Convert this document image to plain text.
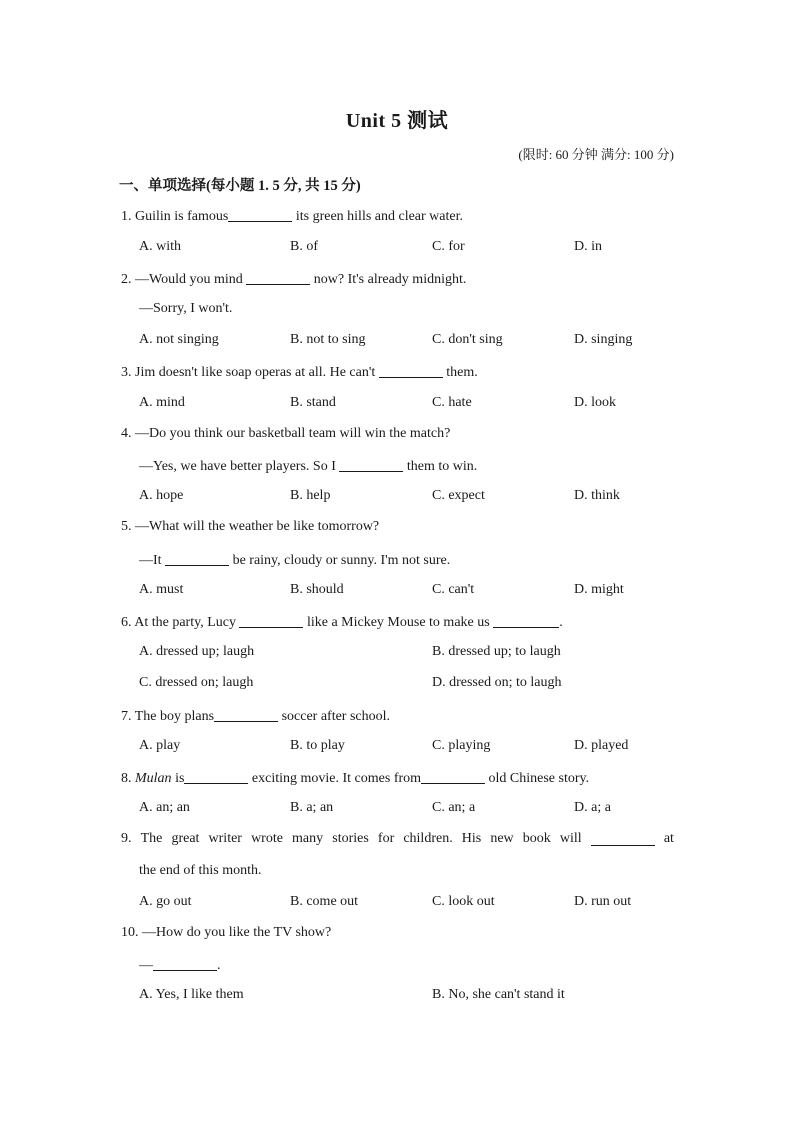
Unit 5 测试
(限时: 60 分钟 满分: 100 分)
一、单项选择(每小题 1. 5 分, 共 15 分)
1. Guilin is famous	its green hills and clear water.
A. with	B. of	C. for	D. in
2. —Would you mind	now? It's already midnight.
—Sorry, I won't.
A. not singing	B. not to sing	C. don't sing	D. singing
3. Jim doesn't like soap operas at all. He can't	them.
A. mind	B. stand	C. hate	D. look
4. —Do you think our basketball team will win the match?
—Yes, we have better players. So I	them to win.
A. hope	B. help	C. expect	D. think
5. —What will the weather be like tomorrow?
—It	be rainy, cloudy or sunny. I'm not sure.
A. must	B. should	C. can't	D. might
6. At the party, Lucy	like a Mickey Mouse to make us	.
A. dressed up; laugh	B. dressed up; to laugh
C. dressed on; laugh	D. dressed on; to laugh
7. The boy plans	soccer after school.
A. play	B. to play	C. playing	D. played
8. Mulan is	exciting movie. It comes from	old Chinese story.
A. an; an	B. a; an	C. an; a	D. a; a
9. The great writer wrote many stories for children. His new book will	at
the end of this month.
A. go out	B. come out	C. look out	D. run out
10. —How do you like the TV show?
—	.
A. Yes, I like them	B. No, she can't stand it
